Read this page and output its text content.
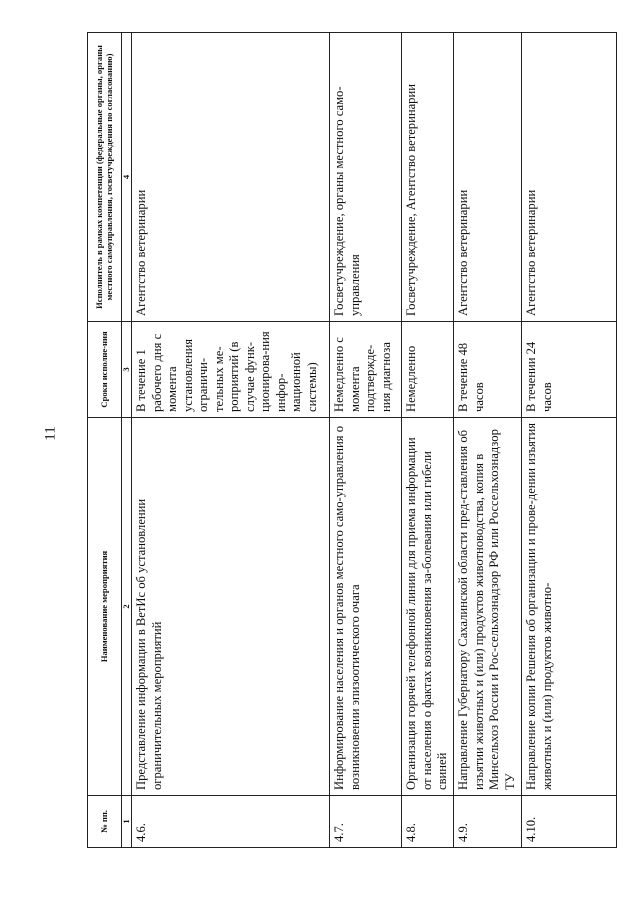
11
№ пп.	Наименование мероприятия	Сроки исполне-ния	Исполнитель в рамках компетенции (федеральные органы, органы местного самоуправления, госветучреждения по согласованию)
1	2	3	4
4.6.	Представление информации в ВетИс об установлении ограничительных мероприятий	В течение 1 рабочего дня с момента установления ограничи-тельных ме-роприятий (в случае функ-ционирова-ния инфор-мационной системы)	Агентство ветеринарии
4.7.	Информирование населения и органов местного само-управления о возникновении эпизоотического очага	Немедленно с момента подтвержде-ния диагноза	Госветучреждение, органы местного само-управления
4.8.	Организация горячей телефонной линии для приема информации от населения о фактах возникновения за-болевания или гибели свиней	Немедленно	Госветучреждение, Агентство ветеринарии
4.9.	Направление Губернатору Сахалинской области пред-ставления об изъятии животных и (или) продуктов животноводства, копия в Минсельхоз России и Рос-сельхознадзор РФ или Россельхознадзор ТУ	В течение 48 часов	Агентство ветеринарии
4.10.	Направление копии Решения об организации и прове-дении изъятия животных и (или) продуктов животно-	В течении 24 часов	Агентство ветеринарии
